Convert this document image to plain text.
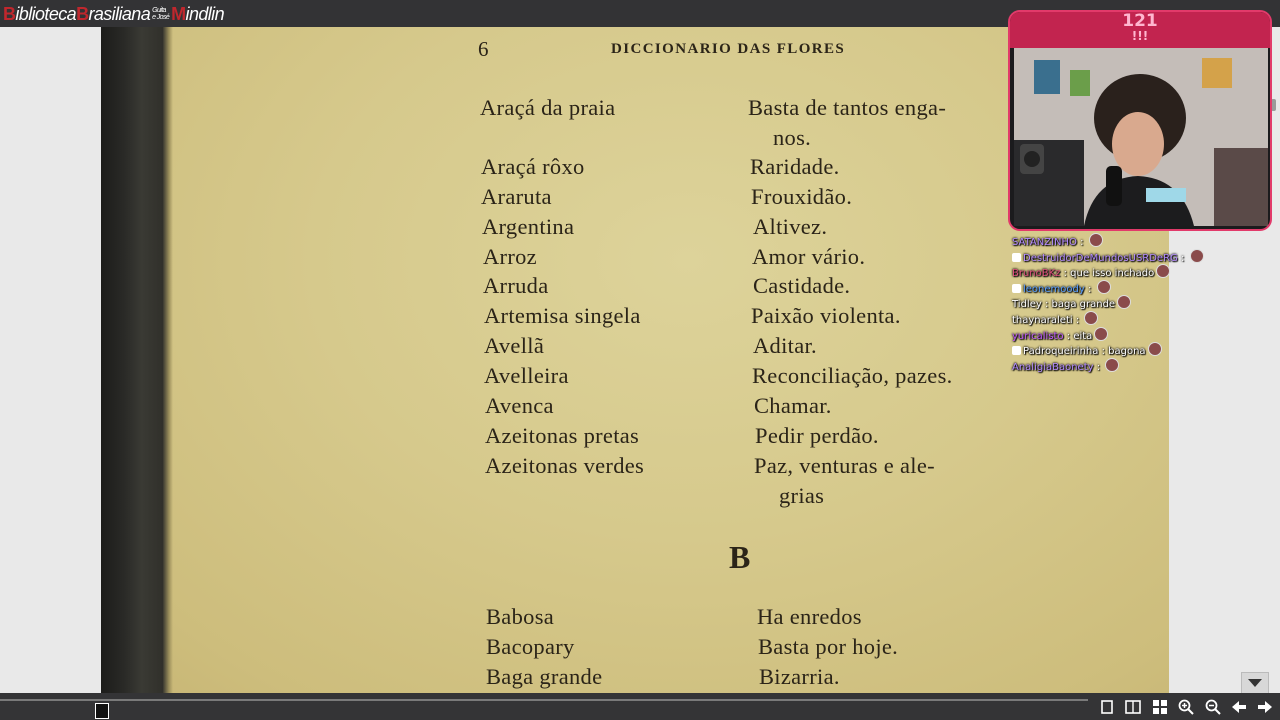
B iblioteca B rasiliana Guita
e José M indlin
6	DICCIONARIO DAS FLORES
B
Araçá da praia	Basta de tantos enga-
nos.
Araçá rôxo	Raridade.
Araruta	Frouxidão.
Argentina	Altivez.
Arroz	Amor vário.
Arruda	Castidade.
Artemisa singela	Paixão violenta.
Avellã	Aditar.
Avelleira	Reconciliação, pazes.
Avenca	Chamar.
Azeitonas pretas	Pedir perdão.
Azeitonas verdes	Paz, venturas e ale-
grias
Babosa	Ha enredos
Bacopary	Basta por hoje.
Baga grande	Bizarria.
121
!!!
SATANZINHO :
DestruidorDeMundosUSRDeRG :
BrunoBKz : que isso inchado
leonemoody :
Tidley : baga grande
thaynaraleti :
yuricalisto : eita
Padroqueirinha : bagona
AnaligiaBaonety :
